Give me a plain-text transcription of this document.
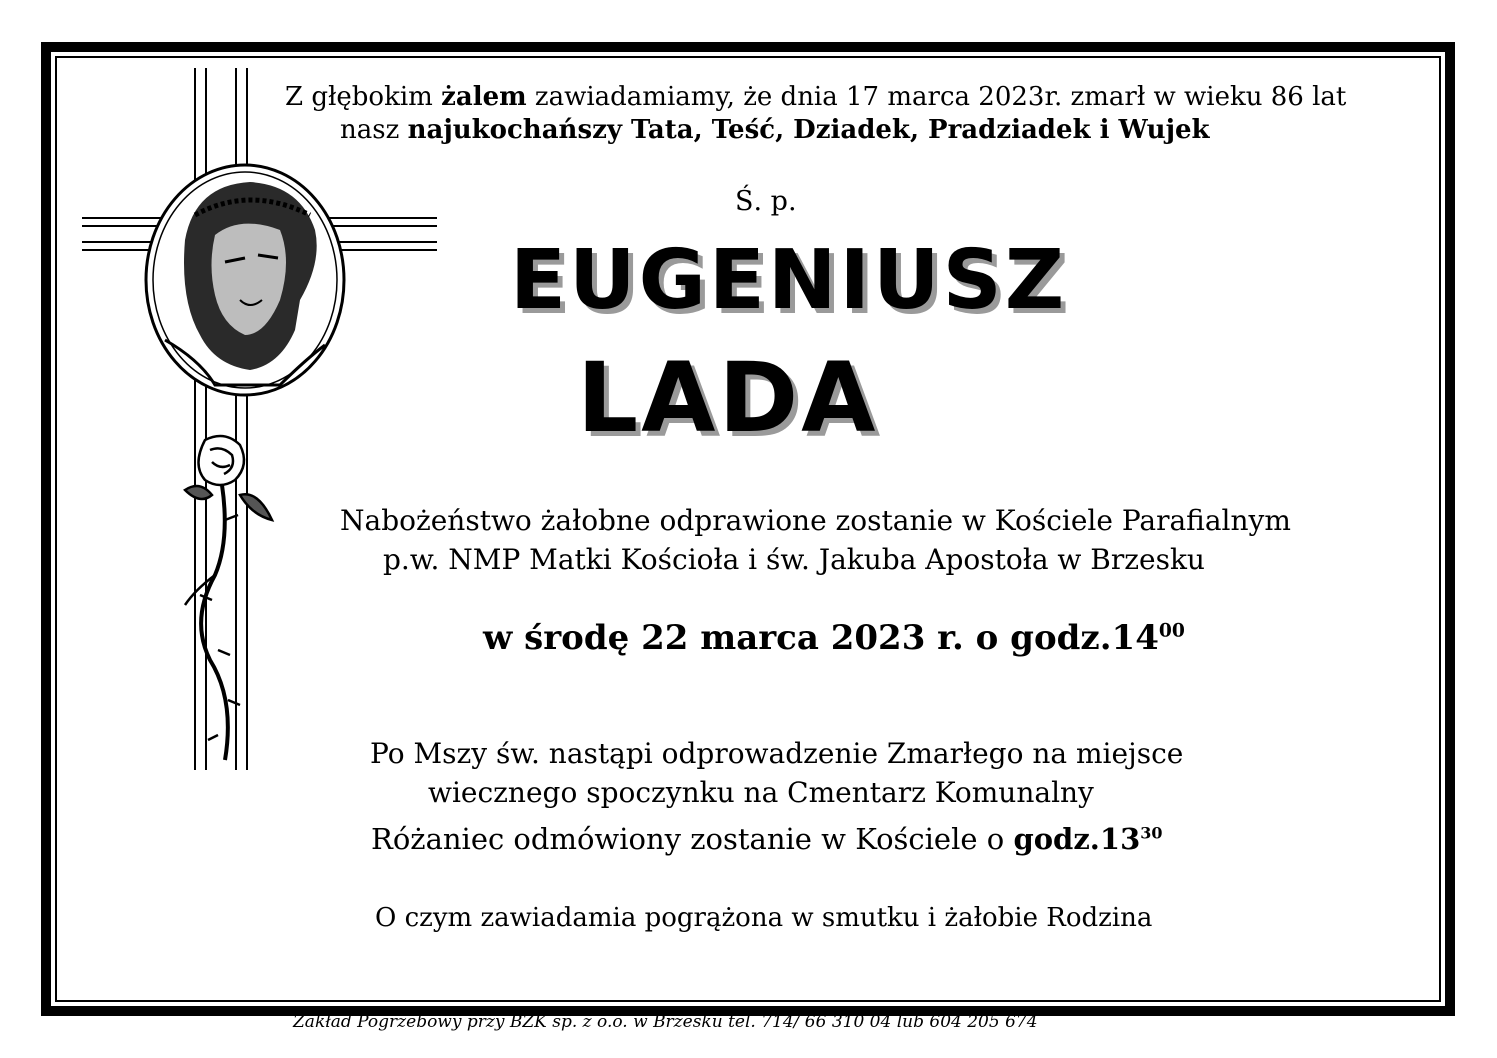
Z głębokim żalem zawiadamiamy, że dnia 17 marca 2023r. zmarł w wieku 86 lat
nasz najukochańszy Tata, Teść, Dziadek, Pradziadek i Wujek
Ś. p.
EUGENIUSZ
LADA
Nabożeństwo żałobne odprawione zostanie w Kościele Parafialnym
p.w. NMP Matki Kościoła i św. Jakuba Apostoła w Brzesku
w środę 22 marca 2023 r. o $godz.14^{00}$
Po Mszy św. nastąpi odprowadzenie Zmarłego na miejsce
wiecznego spoczynku na Cmentarz Komunalny
Różaniec odmówiony zostanie w Kościele o $godz.13^{30}$
O czym zawiadamia pogrążona w smutku i żałobie Rodzina
Zakład Pogrzebowy przy BZK sp. z o.o. w Brzesku tel. 714/ 66 310 04 lub 604 205 674
